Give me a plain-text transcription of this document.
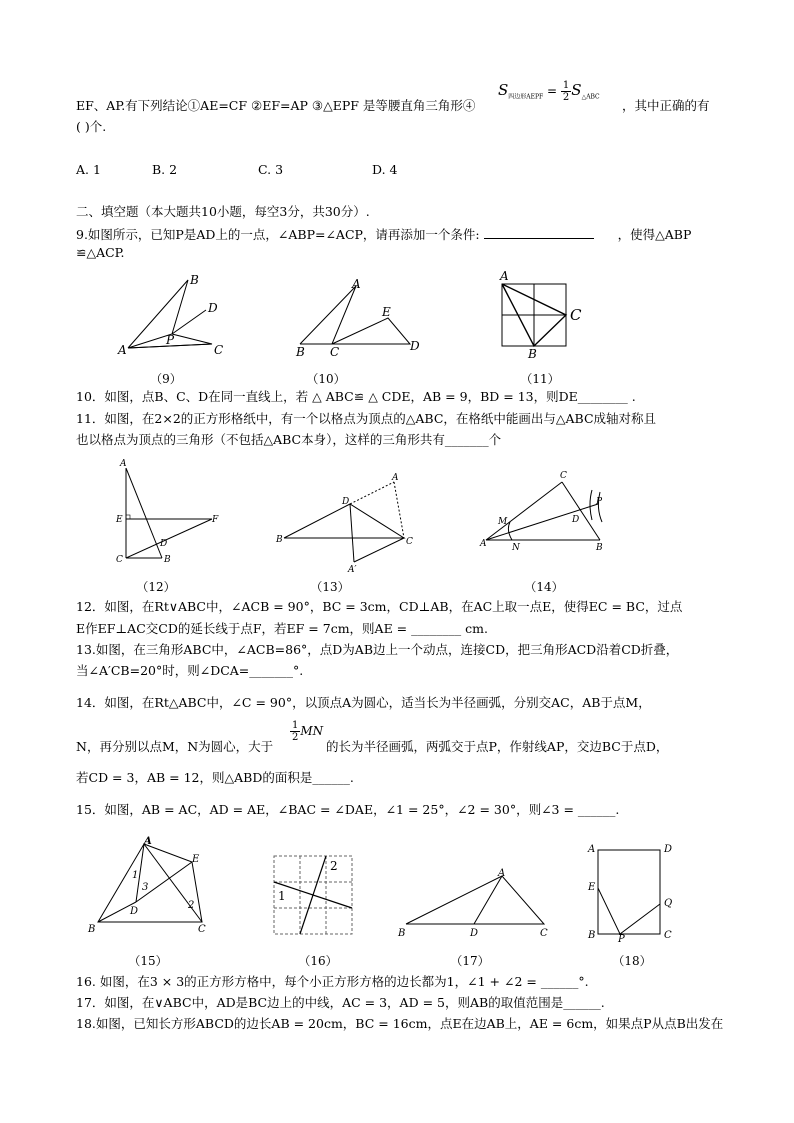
EF、AP.有下列结论①AE=CF ②EF=AP ③△EPF 是等腰直角三角形④
$S_{四边形AEPF} = \frac{1}{2} S_{\triangle ABC}$
，其中正确的有
( )个.
A. 1	B. 2	C. 3	D. 4
二、填空题（本大题共10小题，每空3分，共30分）.
9.如图所示，已知P是AD上的一点，∠ABP=∠ACP，请再添加一个条件:	，使得△ABP
≌△ACP.
B
D
P
A	C
A
E
B C	D
A
C
B
（9）	（10）	（11）
10．如图，点B、C、D在同一直线上，若 △ ABC≌ △ CDE，AB = 9，BD = 13，则DE________ .
11．如图，在2×2的正方形格纸中，有一个以格点为顶点的△ABC，在格纸中能画出与△ABC成轴对称且
也以格点为顶点的三角形（不包括△ABC本身），这样的三角形共有_______个
A
E	F
D
C	B
A
D
B	C
A′
C
P
M	D
A	N	B
（12）	（13）	（14）
12．如图，在Rt∨ABC中，∠ACB = 90°，BC = 3cm，CD⊥AB，在AC上取一点E，使得EC = BC，过点
E作EF⊥AC交CD的延长线于点F，若EF = 7cm，则AE = ________ cm.
13.如图，在三角形ABC中，∠ACB=86°，点D为AB边上一个动点，连接CD，把三角形ACD沿着CD折叠，
当∠A′CB=20°时，则∠DCA=_______°.
14．如图，在Rt△ABC中，∠C = 90°，以顶点A为圆心，适当长为半径画弧，分别交AC，AB于点M，
N，再分别以点M，N为圆心，大于
$\frac{1}{2}$ MN
的长为半径画弧，两弧交于点P，作射线AP，交边BC于点D，
若CD = 3，AB = 12，则△ABD的面积是______.
15．如图，AB = AC，AD = AE，∠BAC = ∠DAE，∠1 = 25°，∠2 = 30°，则∠3 = ______.
A
E
1
3
D
2
B	C
2
1
A
B	D	C
A	D
E
Q
B P	C
（15）	（16）	（17）	（18）
16. 如图，在3 × 3的正方形方格中，每个小正方形方格的边长都为1，∠1 + ∠2 = ______°.
17．如图，在∨ABC中，AD是BC边上的中线，AC = 3，AD = 5，则AB的取值范围是______.
18.如图，已知长方形ABCD的边长AB = 20cm，BC = 16cm，点E在边AB上，AE = 6cm，如果点P从点B出发在
